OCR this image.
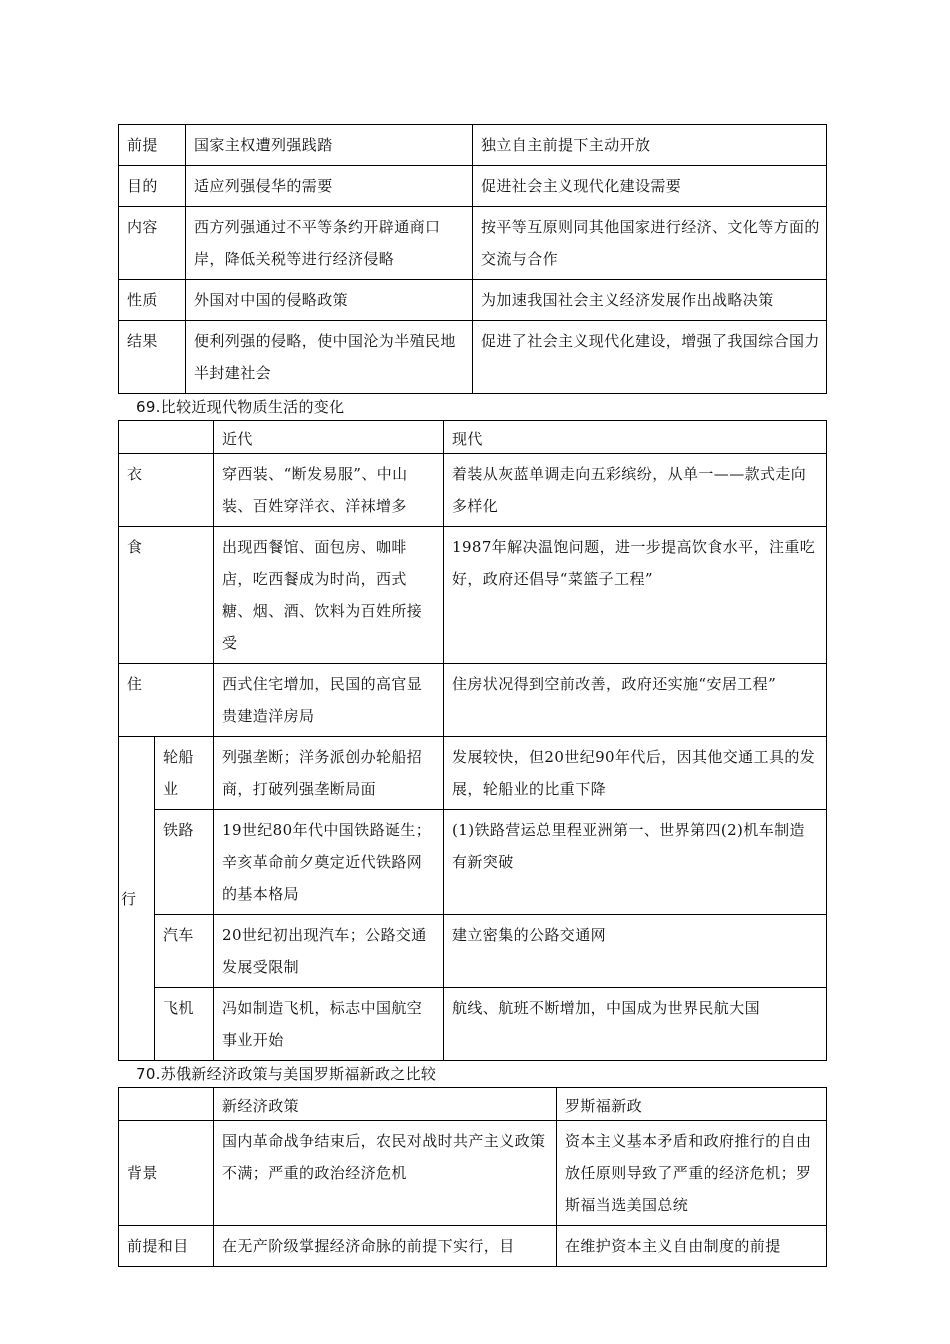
前提	国家主权遭列强践踏	独立自主前提下主动开放
目的	适应列强侵华的需要	促进社会主义现代化建设需要
内容	西方列强通过不平等条约开辟通商口岸，降低关税等进行经济侵略	按平等互原则同其他国家进行经济、文化等方面的交流与合作
性质	外国对中国的侵略政策	为加速我国社会主义经济发展作出战略决策
结果	便利列强的侵略，使中国沦为半殖民地半封建社会	促进了社会主义现代化建设，增强了我国综合国力
69.比较近现代物质生活的变化
		近代	现代
衣		穿西装、“断发易服”、中山装、百姓穿洋衣、洋袜增多	着装从灰蓝单调走向五彩缤纷，从单一——款式走向多样化
食		出现西餐馆、面包房、咖啡店，吃西餐成为时尚，西式糖、烟、酒、饮料为百姓所接受	1987年解决温饱问题，进一步提高饮食水平，注重吃好，政府还倡导“菜篮子工程”
住		西式住宅增加，民国的高官显贵建造洋房局	住房状况得到空前改善，政府还实施“安居工程”
行	轮船业	列强垄断；洋务派创办轮船招商，打破列强垄断局面	发展较快，但20世纪90年代后，因其他交通工具的发展，轮船业的比重下降
	铁路	19世纪80年代中国铁路诞生；辛亥革命前夕奠定近代铁路网的基本格局	(1)铁路营运总里程亚洲第一、世界第四(2)机车制造有新突破
	汽车	20世纪初出现汽车；公路交通发展受限制	建立密集的公路交通网
	飞机	冯如制造飞机，标志中国航空事业开始	航线、航班不断增加，中国成为世界民航大国
70.苏俄新经济政策与美国罗斯福新政之比较
	新经济政策	罗斯福新政
背景	国内革命战争结束后，农民对战时共产主义政策不满；严重的政治经济危机	资本主义基本矛盾和政府推行的自由放任原则导致了严重的经济危机；罗斯福当选美国总统
前提和目	在无产阶级掌握经济命脉的前提下实行，目	在维护资本主义自由制度的前提
